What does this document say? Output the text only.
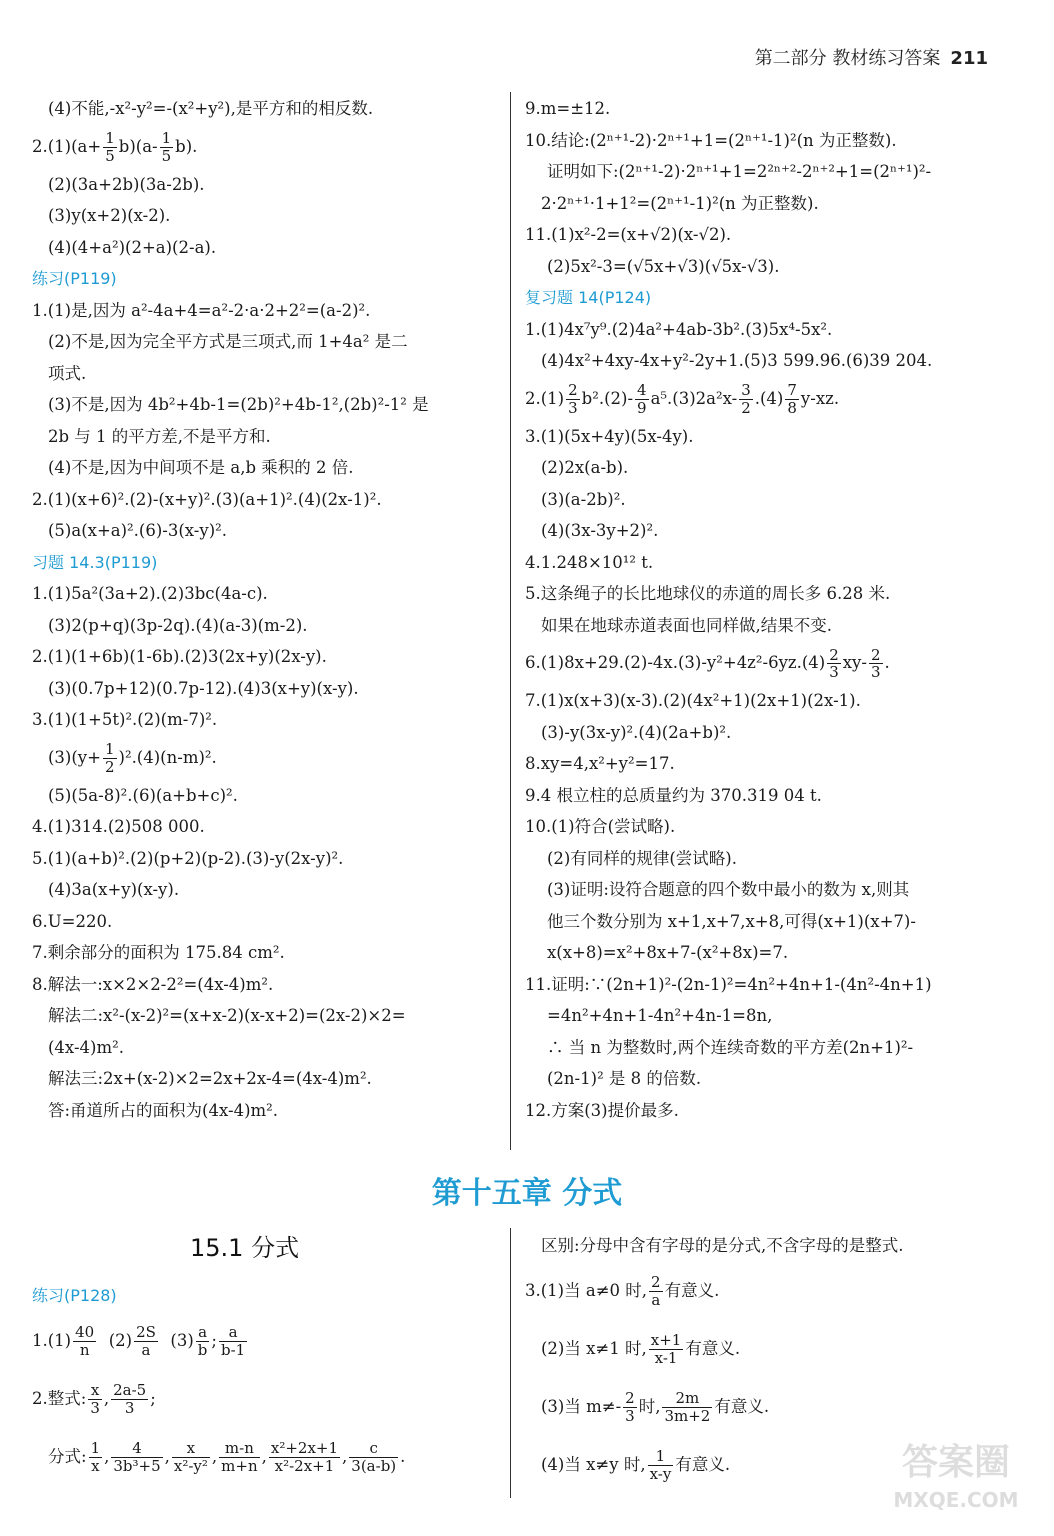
第二部分 教材练习答案 211
(4)不能,-x²-y²=-(x²+y²),是平方和的相反数.
$2.(1)(a+ \frac{1}{5} b)(a- \frac{1}{5} b)$.
(2)(3a+2b)(3a-2b).
(3)y(x+2)(x-2).
(4)(4+a²)(2+a)(2-a).
练习(P119)
1.(1)是,因为 a²-4a+4=a²-2·a·2+2²=(a-2)².
(2)不是,因为完全平方式是三项式,而 1+4a² 是二
项式.
(3)不是,因为 4b²+4b-1=(2b)²+4b-1²,(2b)²-1² 是
2b 与 1 的平方差,不是平方和.
(4)不是,因为中间项不是 a,b 乘积的 2 倍.
2.(1)(x+6)².(2)-(x+y)².(3)(a+1)².(4)(2x-1)².
(5)a(x+a)².(6)-3(x-y)².
习题 14.3(P119)
1.(1)5a²(3a+2).(2)3bc(4a-c).
(3)2(p+q)(3p-2q).(4)(a-3)(m-2).
2.(1)(1+6b)(1-6b).(2)3(2x+y)(2x-y).
(3)(0.7p+12)(0.7p-12).(4)3(x+y)(x-y).
3.(1)(1+5t)².(2)(m-7)².
$(3)(y+ \frac{1}{2} )^2.(4)(n-m)^2$.
(5)(5a-8)².(6)(a+b+c)².
4.(1)314.(2)508 000.
5.(1)(a+b)².(2)(p+2)(p-2).(3)-y(2x-y)².
(4)3a(x+y)(x-y).
6.U=220.
7.剩余部分的面积为 175.84 cm².
8.解法一:x×2×2-2²=(4x-4)m².
解法二:x²-(x-2)²=(x+x-2)(x-x+2)=(2x-2)×2=
(4x-4)m².
解法三:2x+(x-2)×2=2x+2x-4=(4x-4)m².
答:甬道所占的面积为(4x-4)m².
9.m=±12.
10.结论:(2ⁿ⁺¹-2)·2ⁿ⁺¹+1=(2ⁿ⁺¹-1)²(n 为正整数).
证明如下:(2ⁿ⁺¹-2)·2ⁿ⁺¹+1=2²ⁿ⁺²-2ⁿ⁺²+1=(2ⁿ⁺¹)²-
2·2ⁿ⁺¹·1+1²=(2ⁿ⁺¹-1)²(n 为正整数).
11.(1)x²-2=(x+√2)(x-√2).
(2)5x²-3=(√5x+√3)(√5x-√3).
复习题 14(P124)
1.(1)4x⁷y⁹.(2)4a²+4ab-3b².(3)5x⁴-5x².
(4)4x²+4xy-4x+y²-2y+1.(5)3 599.96.(6)39 204.
$2.(1) \frac{2}{3} b^2.(2)- \frac{4}{9} a^5.(3)2a^2x- \frac{3}{2} .(4) \frac{7}{8} y-xz$.
3.(1)(5x+4y)(5x-4y).
(2)2x(a-b).
(3)(a-2b)².
(4)(3x-3y+2)².
4.1.248×10¹² t.
5.这条绳子的长比地球仪的赤道的周长多 6.28 米.
如果在地球赤道表面也同样做,结果不变.
$6.(1)8x+29.(2)-4x.(3)-y^2+4z^2-6yz.(4) \frac{2}{3} xy- \frac{2}{3}$ .
7.(1)x(x+3)(x-3).(2)(4x²+1)(2x+1)(2x-1).
(3)-y(3x-y)².(4)(2a+b)².
8.xy=4,x²+y²=17.
9.4 根立柱的总质量约为 370.319 04 t.
10.(1)符合(尝试略).
(2)有同样的规律(尝试略).
(3)证明:设符合题意的四个数中最小的数为 x,则其
他三个数分别为 x+1,x+7,x+8,可得(x+1)(x+7)-
x(x+8)=x²+8x+7-(x²+8x)=7.
11.证明:∵(2n+1)²-(2n-1)²=4n²+4n+1-(4n²-4n+1)
=4n²+4n+1-4n²+4n-1=8n,
∴ 当 n 为整数时,两个连续奇数的平方差(2n+1)²-
(2n-1)² 是 8 的倍数.
12.方案(3)提价最多.
第十五章 分式
15.1 分式
练习(P128)
$1.(1) \frac{40}{n} (2) \frac{2S}{a} (3) \frac{a}{b}$ ; $\frac{a}{b-1}$
2.整式: $\frac{x}{3}$ , $\frac{2a-5}{3}$ ;
分式: $\frac{1}{x}$ , $\frac{4}{\text{3b³+5}}$ , $\frac{x}{\text{x²-y²}}$ , $\frac{m-n}{m+n}$ , $\frac{\text{x²+2x+1}}{\text{x²-2x+1}}$ , $\frac{c}{3(a-b)}$ .
区别:分母中含有字母的是分式,不含字母的是整式.
3.(1)当 a≠0 时, $\frac{2}{a}$ 有意义.
(2)当 x≠1 时, $\frac{x+1}{x-1}$ 有意义.
(3)当 $m\ne- \frac{2}{3}$ 时, $\frac{2m}{3m+2}$ 有意义.
(4)当 x≠y 时, $\frac{1}{x-y}$ 有意义.	答案圈
MXQE.COM
